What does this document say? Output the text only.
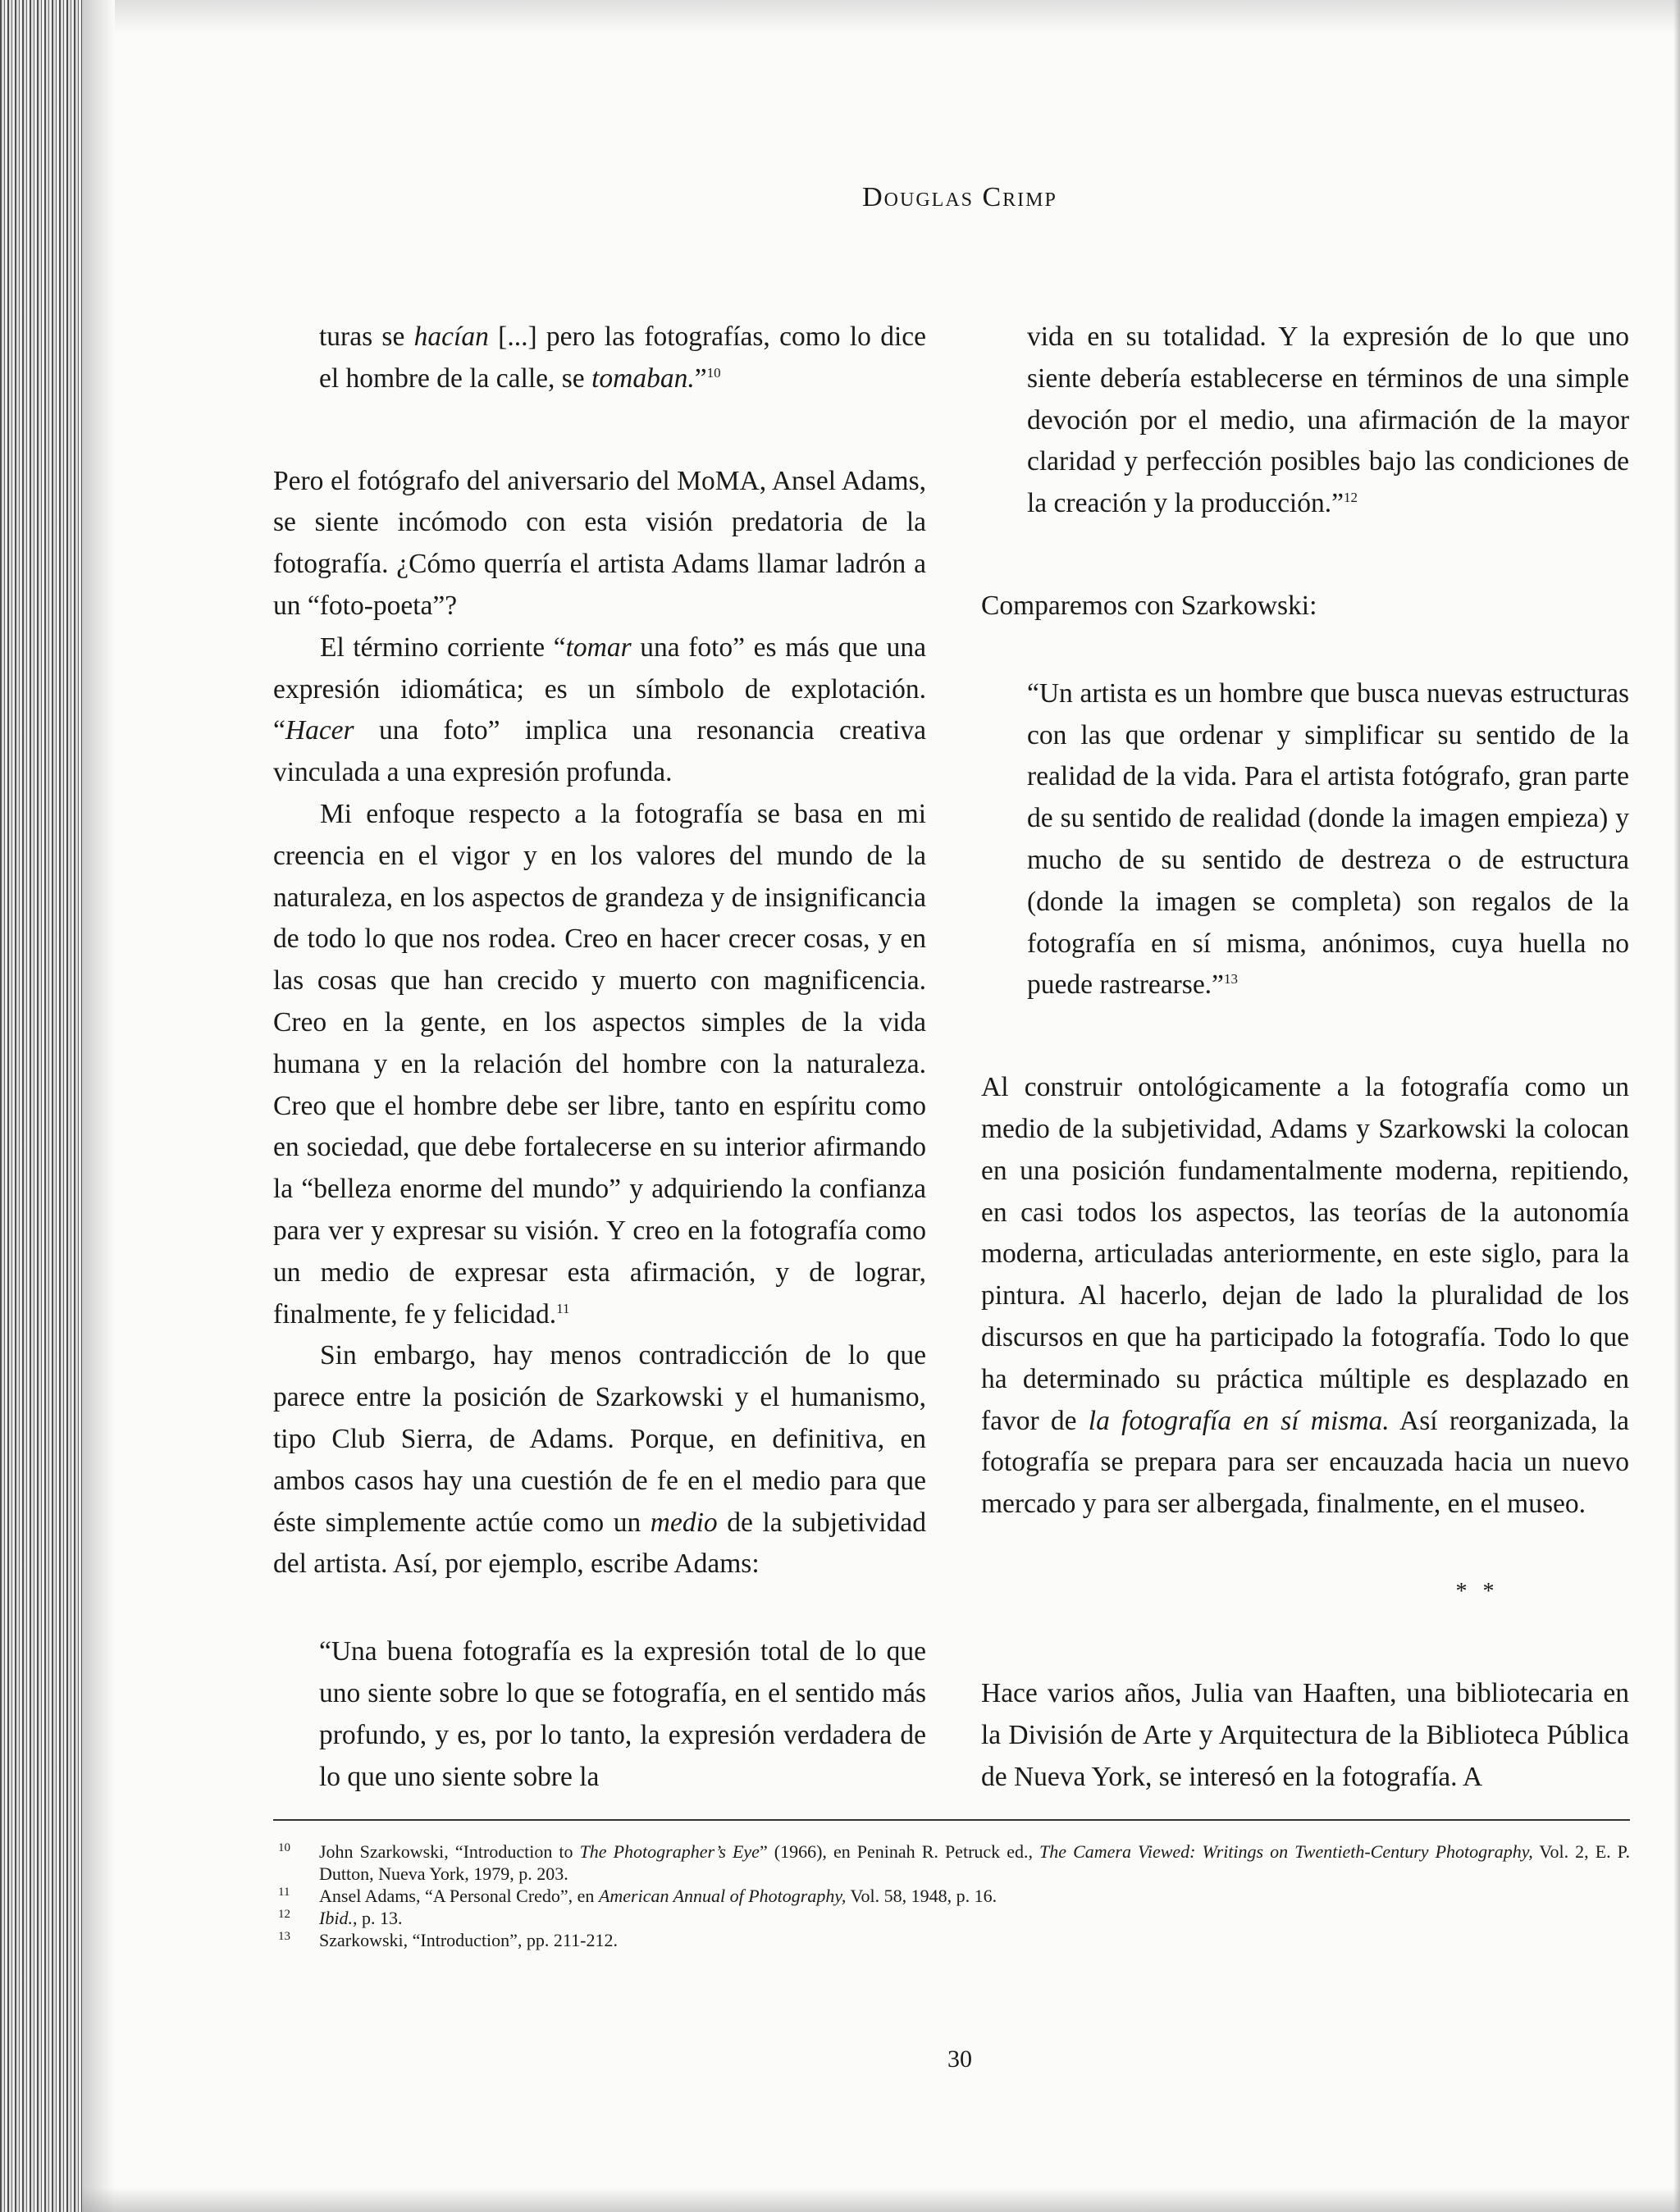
Douglas Crimp

turas se hacían [...] pero las fotografías, como lo dice el hombre de la calle, se tomaban.”$^{10}$

Pero el fotógrafo del aniversario del MoMA, Ansel Adams, se siente incómodo con esta visión predatoria de la fotografía. ¿Cómo querría el artista Adams llamar ladrón a un “foto-poeta”?

El término corriente “tomar una foto” es más que una expresión idiomática; es un símbolo de explotación. “Hacer una foto” implica una resonancia creativa vinculada a una expresión profunda.

Mi enfoque respecto a la fotografía se basa en mi creencia en el vigor y en los valores del mundo de la naturaleza, en los aspectos de grandeza y de insignificancia de todo lo que nos rodea. Creo en hacer crecer cosas, y en las cosas que han crecido y muerto con magnificencia. Creo en la gente, en los aspectos simples de la vida humana y en la relación del hombre con la naturaleza. Creo que el hombre debe ser libre, tanto en espíritu como en sociedad, que debe fortalecerse en su interior afirmando la “belleza enorme del mundo” y adquiriendo la confianza para ver y expresar su visión. Y creo en la fotografía como un medio de expresar esta afirmación, y de lograr, finalmente, fe y felicidad.$^{11}$

Sin embargo, hay menos contradicción de lo que parece entre la posición de Szarkowski y el humanismo, tipo Club Sierra, de Adams. Porque, en definitiva, en ambos casos hay una cuestión de fe en el medio para que éste simplemente actúe como un medio de la subjetividad del artista. Así, por ejemplo, escribe Adams:

“Una buena fotografía es la expresión total de lo que uno siente sobre lo que se fotografía, en el sentido más profundo, y es, por lo tanto, la expresión verdadera de lo que uno siente sobre la

vida en su totalidad. Y la expresión de lo que uno siente debería establecerse en términos de una simple devoción por el medio, una afirmación de la mayor claridad y perfección posibles bajo las condiciones de la creación y la producción.”$^{12}$

Comparemos con Szarkowski:

“Un artista es un hombre que busca nuevas estructuras con las que ordenar y simplificar su sentido de la realidad de la vida. Para el artista fotógrafo, gran parte de su sentido de realidad (donde la imagen empieza) y mucho de su sentido de destreza o de estructura (donde la imagen se completa) son regalos de la fotografía en sí misma, anónimos, cuya huella no puede rastrearse.”$^{13}$

Al construir ontológicamente a la fotografía como un medio de la subjetividad, Adams y Szarkowski la colocan en una posición fundamentalmente moderna, repitiendo, en casi todos los aspectos, las teorías de la autonomía moderna, articuladas anteriormente, en este siglo, para la pintura. Al hacerlo, dejan de lado la pluralidad de los discursos en que ha participado la fotografía. Todo lo que ha determinado su práctica múltiple es desplazado en favor de la fotografía en sí misma. Así reorganizada, la fotografía se prepara para ser encauzada hacia un nuevo mercado y para ser albergada, finalmente, en el museo.

* *

Hace varios años, Julia van Haaften, una bibliotecaria en la División de Arte y Arquitectura de la Biblioteca Pública de Nueva York, se interesó en la fotografía. A

10 John Szarkowski, “Introduction to The Photographer’s Eye” (1966), en Peninah R. Petruck ed., The Camera Viewed: Writings on Twentieth-Century Photography, Vol. 2, E. P. Dutton, Nueva York, 1979, p. 203.
11 Ansel Adams, “A Personal Credo”, en American Annual of Photography, Vol. 58, 1948, p. 16.
12 Ibid., p. 13.
13 Szarkowski, “Introduction”, pp. 211-212.
30
